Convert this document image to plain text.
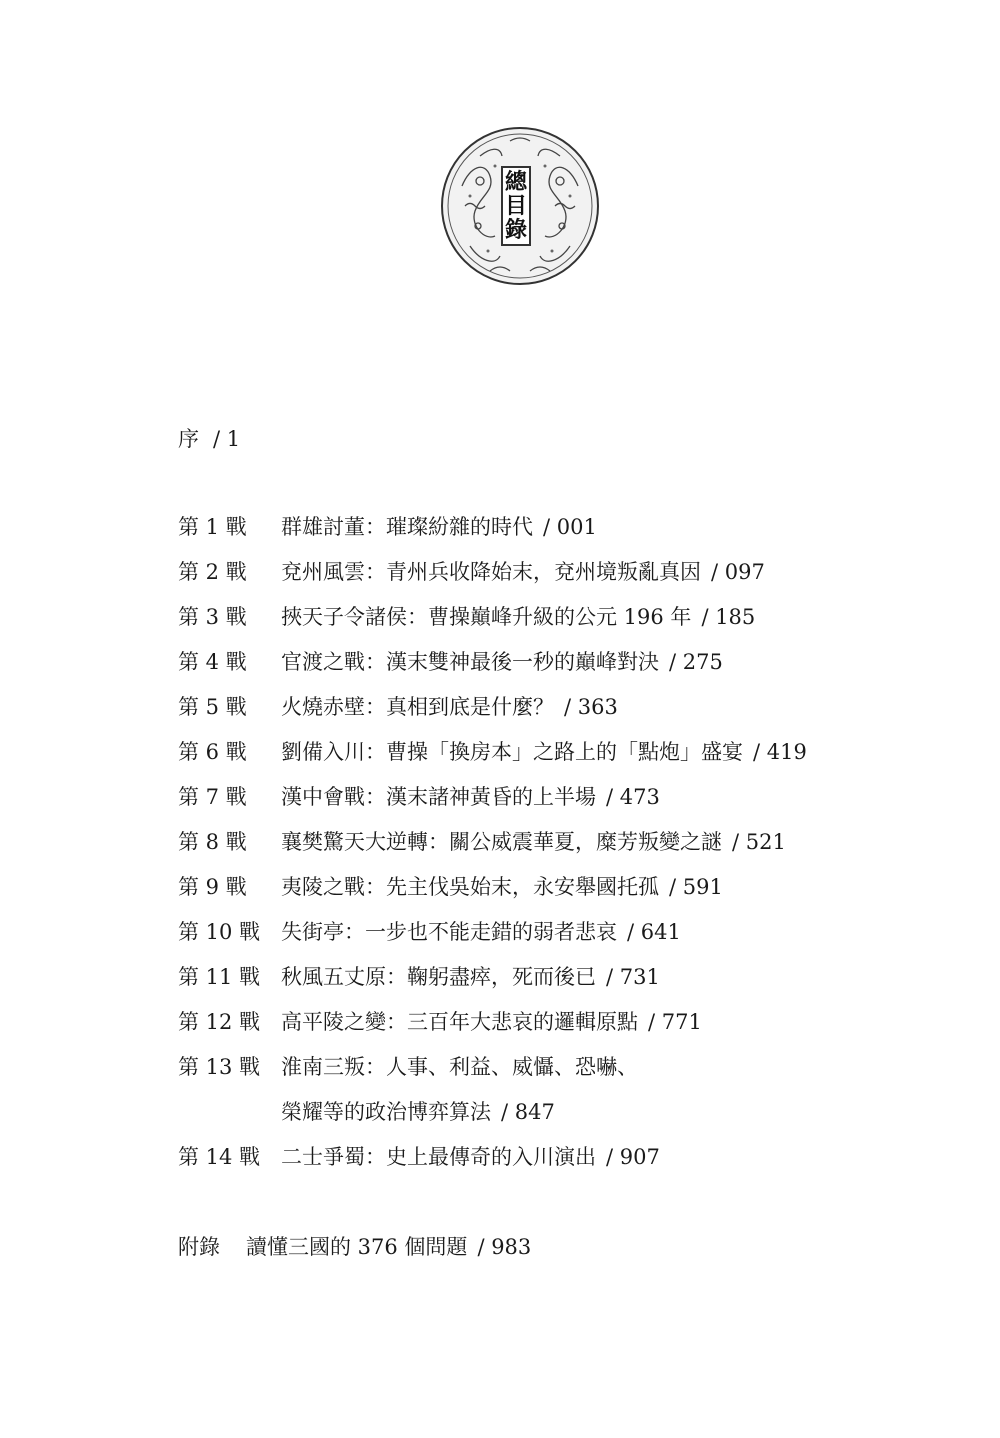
總
目
錄
序 / 1
第 1 戰 群雄討董：璀璨紛雜的時代 / 001
第 2 戰 兗州風雲：青州兵收降始末，兗州境叛亂真因 / 097
第 3 戰 挾天子令諸侯：曹操巔峰升級的公元 196 年 / 185
第 4 戰 官渡之戰：漢末雙神最後一秒的巔峰對決 / 275
第 5 戰 火燒赤壁：真相到底是什麼？ / 363
第 6 戰 劉備入川：曹操「換房本」之路上的「點炮」盛宴 / 419
第 7 戰 漢中會戰：漢末諸神黃昏的上半場 / 473
第 8 戰 襄樊驚天大逆轉：關公威震華夏，糜芳叛變之謎 / 521
第 9 戰 夷陵之戰：先主伐吳始末，永安舉國托孤 / 591
第 10 戰 失街亭：一步也不能走錯的弱者悲哀 / 641
第 11 戰 秋風五丈原：鞠躬盡瘁，死而後已 / 731
第 12 戰 高平陵之變：三百年大悲哀的邏輯原點 / 771
第 13 戰 淮南三叛：人事、利益、威懾、恐嚇、
榮耀等的政治博弈算法 / 847
第 14 戰 二士爭蜀：史上最傳奇的入川演出 / 907
附錄 讀懂三國的 376 個問題 / 983
